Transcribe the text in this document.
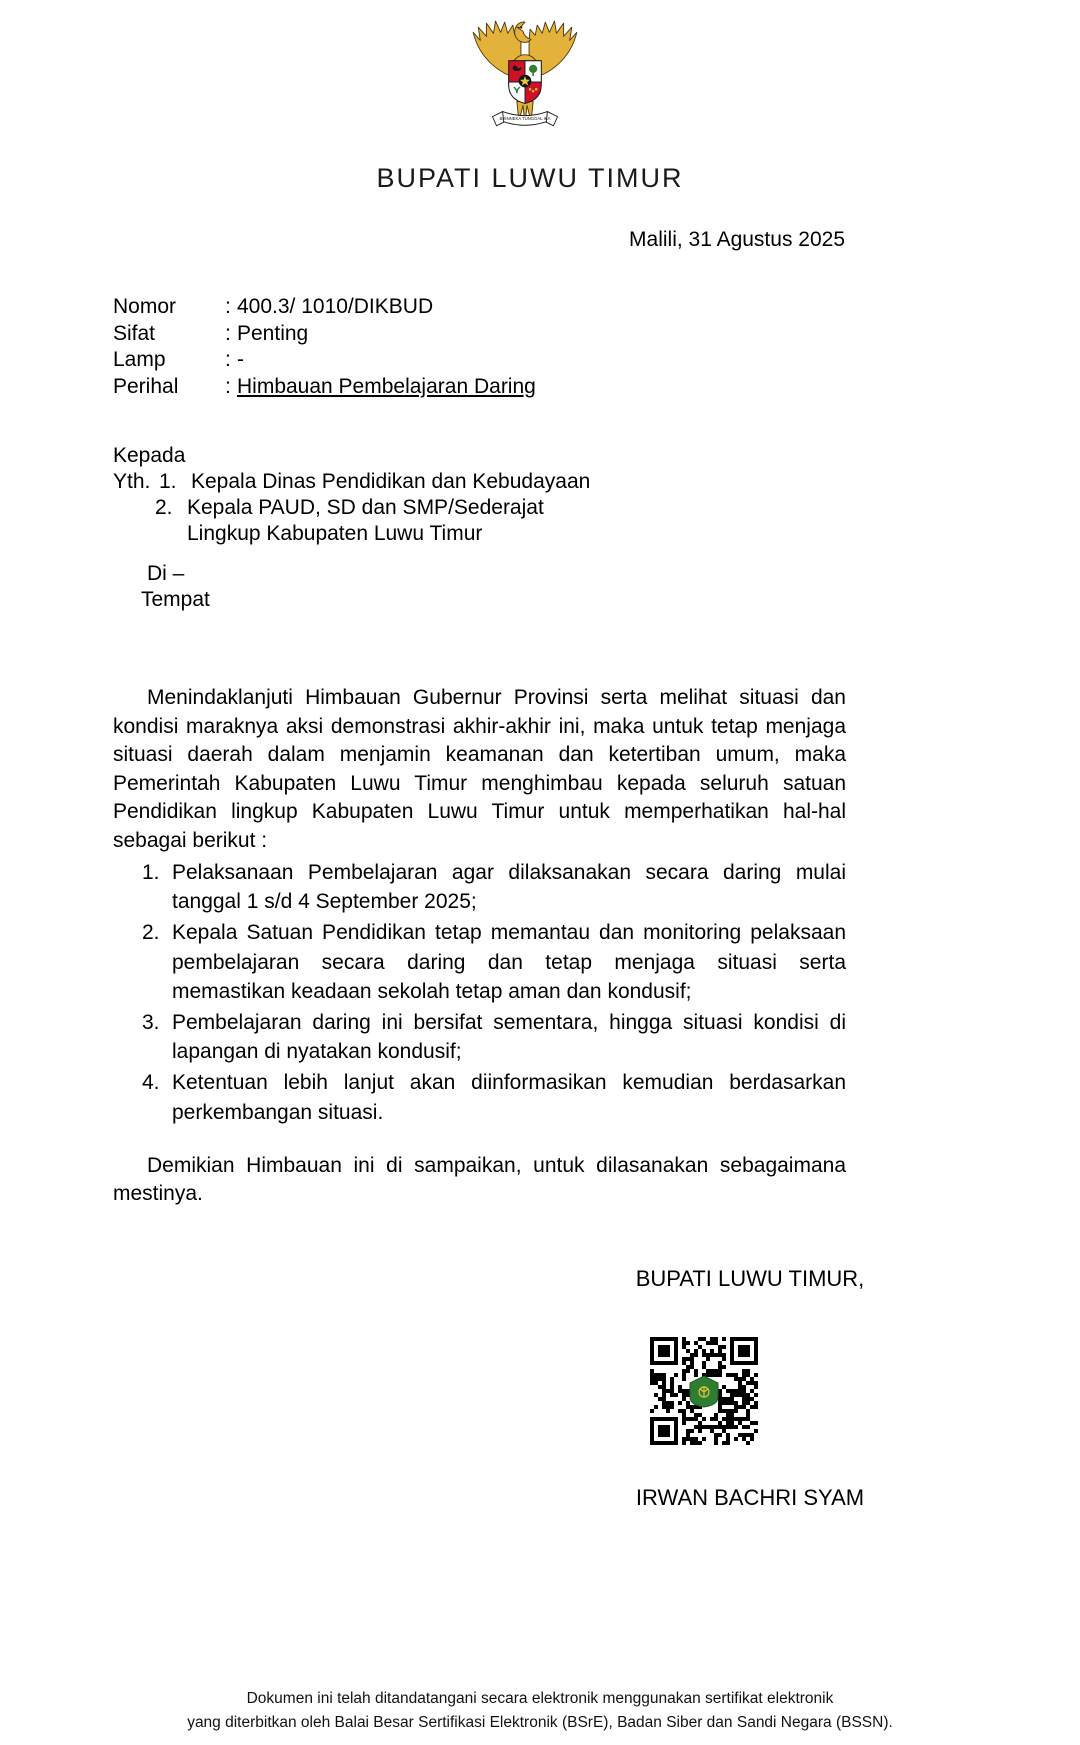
BHINNEKA TUNGGAL IKA
BUPATI LUWU TIMUR
Malili, 31 Agustus 2025
Nomor	: 400.3/ 1010/DIKBUD
Sifat	: Penting
Lamp	: -
Perihal	: Himbauan Pembelajaran Daring
Kepada
Yth. 1. Kepala Dinas Pendidikan dan Kebudayaan
2. Kepala PAUD, SD dan SMP/Sederajat
Lingkup Kabupaten Luwu Timur
Di –
Tempat
Menindaklanjuti Himbauan Gubernur Provinsi serta melihat situasi dan kondisi maraknya aksi demonstrasi akhir-akhir ini, maka untuk tetap menjaga situasi daerah dalam menjamin keamanan dan ketertiban umum, maka Pemerintah Kabupaten Luwu Timur menghimbau kepada seluruh satuan Pendidikan lingkup Kabupaten Luwu Timur untuk memperhatikan hal-hal sebagai berikut :
1. Pelaksanaan Pembelajaran agar dilaksanakan secara daring mulai tanggal 1 s/d 4 September 2025;
2. Kepala Satuan Pendidikan tetap memantau dan monitoring pelaksaan pembelajaran secara daring dan tetap menjaga situasi serta memastikan keadaan sekolah tetap aman dan kondusif;
3. Pembelajaran daring ini bersifat sementara, hingga situasi kondisi di lapangan di nyatakan kondusif;
4. Ketentuan lebih lanjut akan diinformasikan kemudian berdasarkan perkembangan situasi.
Demikian Himbauan ini di sampaikan, untuk dilasanakan sebagaimana mestinya.
BUPATI LUWU TIMUR,
IRWAN BACHRI SYAM
Dokumen ini telah ditandatangani secara elektronik menggunakan sertifikat elektronik
yang diterbitkan oleh Balai Besar Sertifikasi Elektronik (BSrE), Badan Siber dan Sandi Negara (BSSN).
